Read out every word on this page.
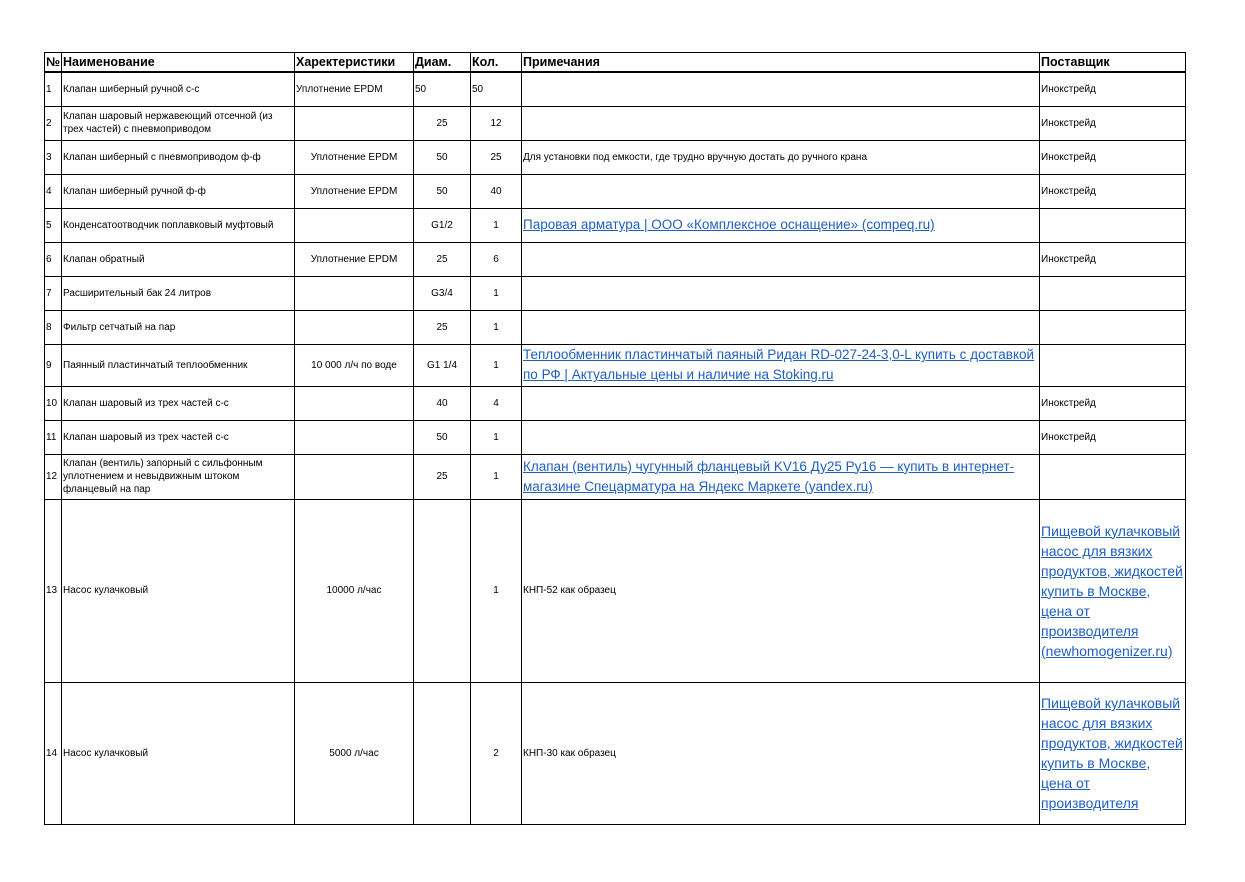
№	Наименование	Харектеристики	Диам.	Кол.	Примечания	Поставщик
1	Клапан шиберный ручной с-с	Уплотнение EPDM	50	50		Инокстрейд
2	Клапан шаровый нержавеющий отсечной (из трех частей) с пневмоприводом		25	12		Инокстрейд
3	Клапан шиберный с пневмоприводом ф-ф	Уплотнение EPDM	50	25	Для установки под емкости, где трудно вручную достать до ручного крана	Инокстрейд
4	Клапан шиберный ручной ф-ф	Уплотнение EPDM	50	40		Инокстрейд
5	Конденсатоотводчик поплавковый муфтовый		G1/2	1	Паровая арматура | ООО «Комплексное оснащение» (compeq.ru)	
6	Клапан обратный	Уплотнение EPDM	25	6		Инокстрейд
7	Расширительный бак 24 литров		G3/4	1		
8	Фильтр сетчатый на пар		25	1		
9	Паянный пластинчатый теплообменник	10 000 л/ч по воде	G1 1/4	1	Теплообменник пластинчатый паяный Ридан RD-027-24-3,0-L купить с доставкой по РФ | Актуальные цены и наличие на Stoking.ru	
10	Клапан шаровый из трех частей с-с		40	4		Инокстрейд
11	Клапан шаровый из трех частей с-с		50	1		Инокстрейд
12	Клапан (вентиль) запорный с сильфонным уплотнением и невыдвижным штоком фланцевый на пар		25	1	Клапан (вентиль) чугунный фланцевый KV16 Ду25 Ру16 — купить в интернет-магазине Спецарматура на Яндекс Маркете (yandex.ru)	
13	Насос кулачковый	10000 л/час		1	КНП-52 как образец	Пищевой кулачковый насос для вязких продуктов, жидкостей купить в Москве, цена от производителя (newhomogenizer.ru)
14	Насос кулачковый	5000 л/час		2	КНП-30 как образец	Пищевой кулачковый насос для вязких продуктов, жидкостей купить в Москве, цена от производителя
